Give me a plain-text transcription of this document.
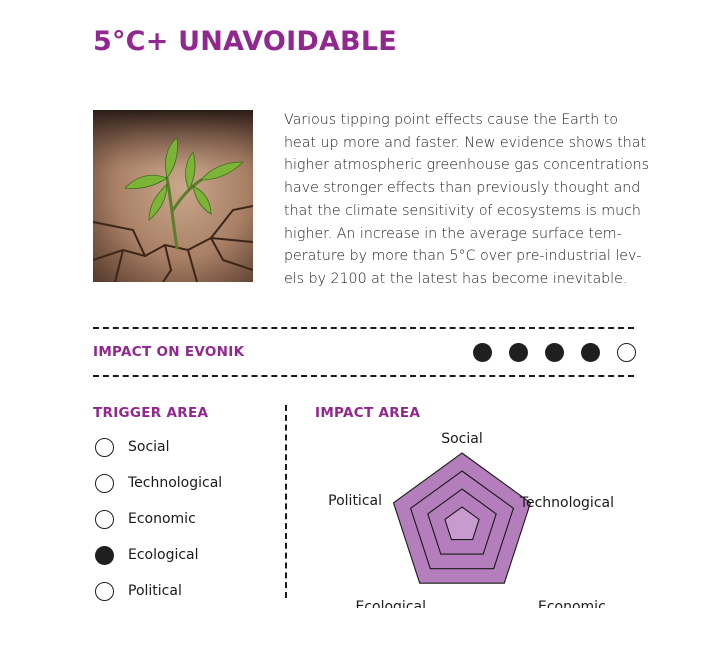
5°C+ UNAVOIDABLE

Various tipping point effects cause the Earth to
heat up more and faster. New evidence shows that
higher atmospheric greenhouse gas concentrations
have stronger effects than previously thought and
that the climate sensitivity of ecosystems is much
higher. An increase in the average surface tem-
perature by more than 5°C over pre-industrial lev-
els by 2100 at the latest has become inevitable.

IMPACT ON EVONIK
TRIGGER AREA
Social
Technological
Economic
Ecological
Political
IMPACT AREA
Social
Technological
Economic
Ecological
Political
